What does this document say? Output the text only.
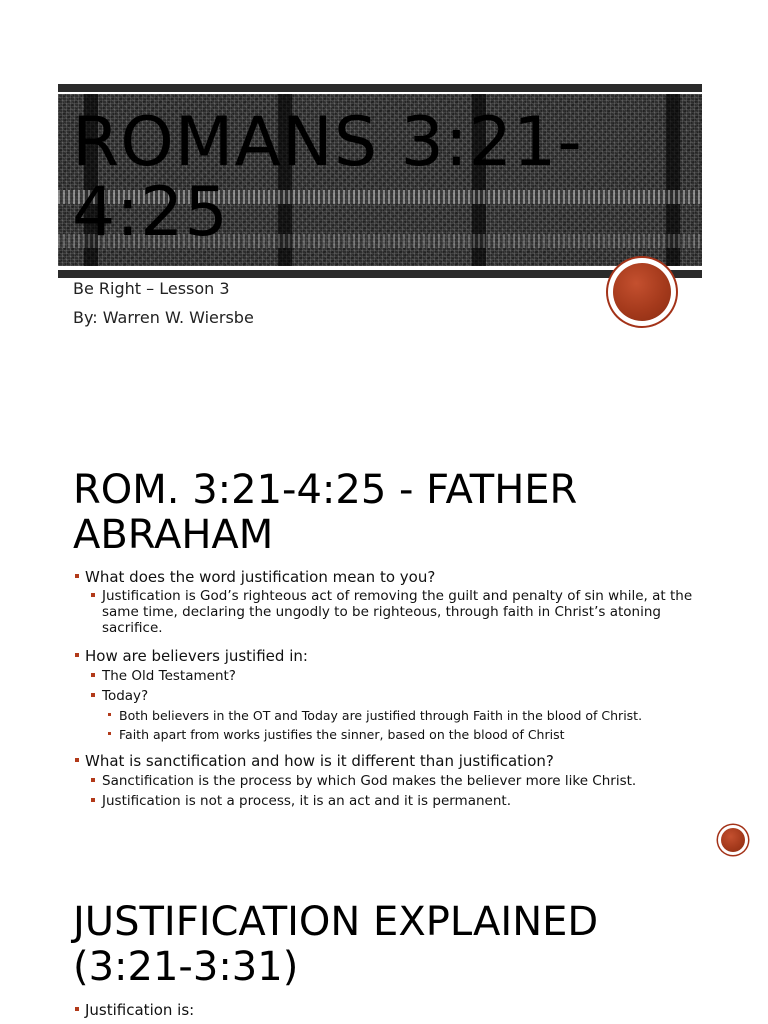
ROMANS 3:21-4:25

Be Right – Lesson 3

By: Warren W. Wiersbe

ROM. 3:21-4:25 - FATHER ABRAHAM

What does the word justification mean to you?

Justification is God’s righteous act of removing the guilt and penalty of sin while, at the same time, declaring the ungodly to be righteous, through faith in Christ’s atoning sacrifice.

How are believers justified in:

The Old Testament?

Today?

Both believers in the OT and Today are justified through Faith in the blood of Christ.

Faith apart from works justifies the sinner, based on the blood of Christ

What is sanctification and how is it different than justification?

Sanctification is the process by which God makes the believer more like Christ.

Justification is not a process, it is an act and it is permanent.

JUSTIFICATION EXPLAINED (3:21-3:31)

Justification is:
